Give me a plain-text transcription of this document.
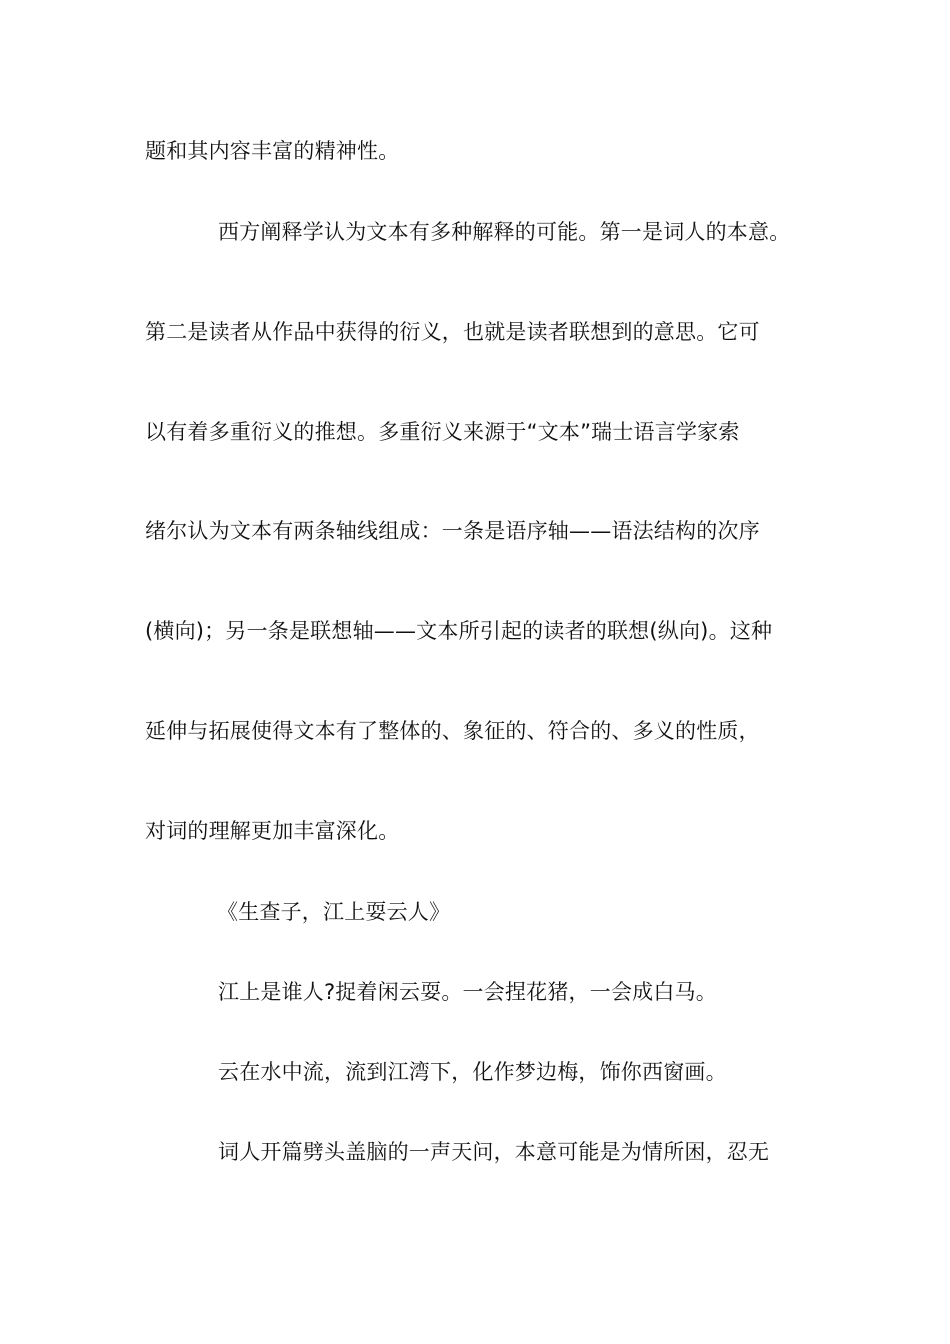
题和其内容丰富的精神性。
西方阐释学认为文本有多种解释的可能。第一是词人的本意。
第二是读者从作品中获得的衍义，也就是读者联想到的意思。它可
以有着多重衍义的推想。多重衍义来源于“文本”瑞士语言学家索
绪尔认为文本有两条轴线组成：一条是语序轴——语法结构的次序
(横向)；另一条是联想轴——文本所引起的读者的联想(纵向)。这种
延伸与拓展使得文本有了整体的、象征的、符合的、多义的性质，
对词的理解更加丰富深化。
《生查子，江上耍云人》
江上是谁人?捉着闲云耍。一会捏花猪，一会成白马。
云在水中流，流到江湾下，化作梦边梅，饰你西窗画。
词人开篇劈头盖脑的一声天问，本意可能是为情所困，忍无
